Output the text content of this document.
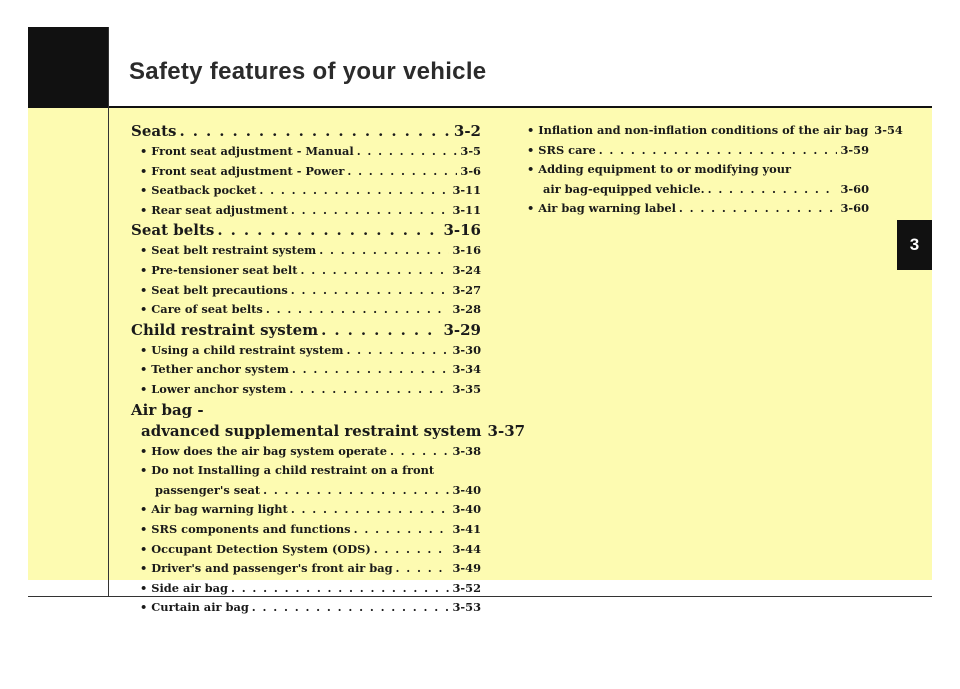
Safety features of your vehicle
3
Seats . . .	3-2
• Front seat adjustment - Manual . . .	3-5
• Front seat adjustment - Power . . .	3-6
• Seatback pocket . . .	3-11
• Rear seat adjustment . . .	3-11
Seat belts . . .	3-16
• Seat belt restraint system . . .	3-16
• Pre-tensioner seat belt . . .	3-24
• Seat belt precautions . . .	3-27
• Care of seat belts . . .	3-28
Child restraint system . . .	3-29
• Using a child restraint system . . .	3-30
• Tether anchor system . . .	3-34
• Lower anchor system . . .	3-35
Air bag -
advanced supplemental restraint system 3-37
• How does the air bag system operate . . .	3-38
• Do not Installing a child restraint on a front
passenger's seat . . .	3-40
• Air bag warning light . . .	3-40
• SRS components and functions . . .	3-41
• Occupant Detection System (ODS) . . .	3-44
• Driver's and passenger's front air bag . . .	3-49
• Side air bag . . .	3-52
• Curtain air bag . . .	3-53
• Inflation and non-inflation conditions of the air bag 3-54
• SRS care . . .	3-59
• Adding equipment to or modifying your
air bag-equipped vehicle. . . .	3-60
• Air bag warning label . . .	3-60
